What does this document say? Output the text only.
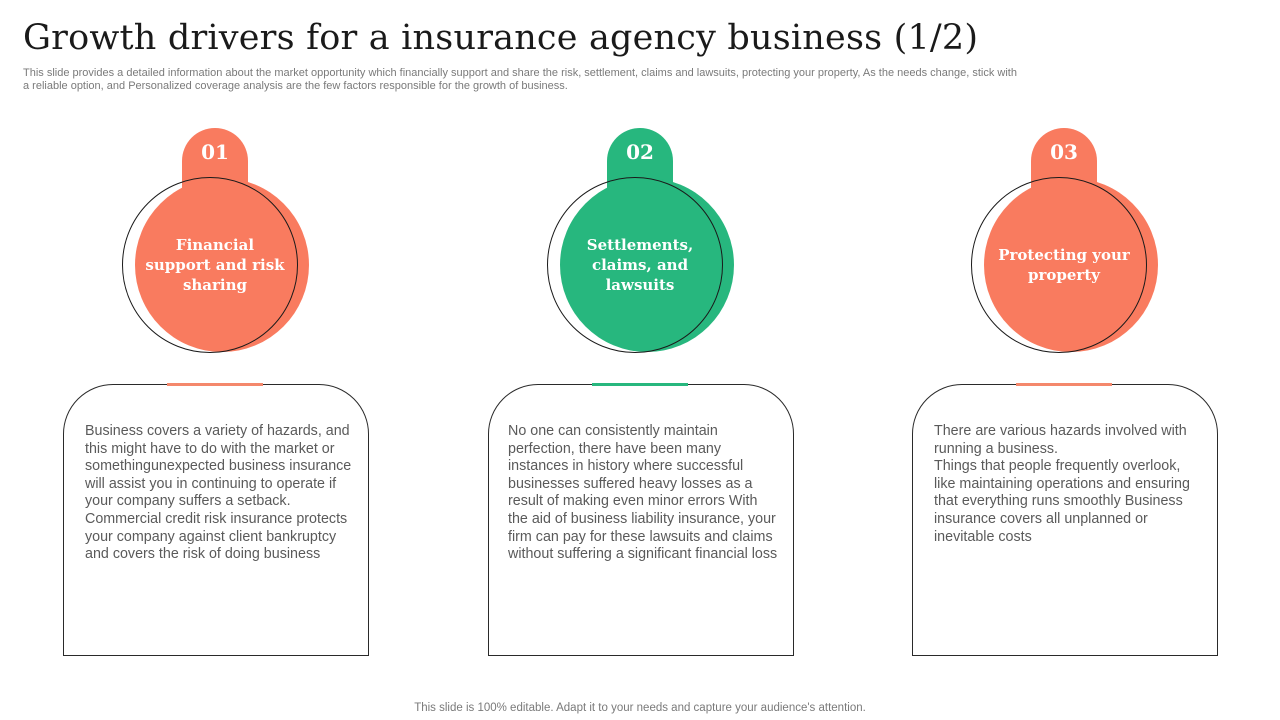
Growth drivers for a insurance agency business (1/2)

This slide provides a detailed information about the market opportunity which financially support and share the risk, settlement, claims and lawsuits, protecting your property, As the needs change, stick with a reliable option, and Personalized coverage analysis are the few factors responsible for the growth of business.

01
Financial support and risk sharing
Business covers a variety of hazards, and this might have to do with the market or somethingunexpected business insurance will assist you in continuing to operate if your company suffers a setback. Commercial credit risk insurance protects your company against client bankruptcy and covers the risk of doing business
02
Settlements, claims, and lawsuits
No one can consistently maintain perfection, there have been many instances in history where successful businesses suffered heavy losses as a result of making even minor errors With the aid of business liability insurance, your firm can pay for these lawsuits and claims without suffering a significant financial loss
03
Protecting your property
There are various hazards involved with running a business.
Things that people frequently overlook, like maintaining operations and ensuring that everything runs smoothly Business insurance covers all unplanned or inevitable costs
This slide is 100% editable. Adapt it to your needs and capture your audience's attention.
